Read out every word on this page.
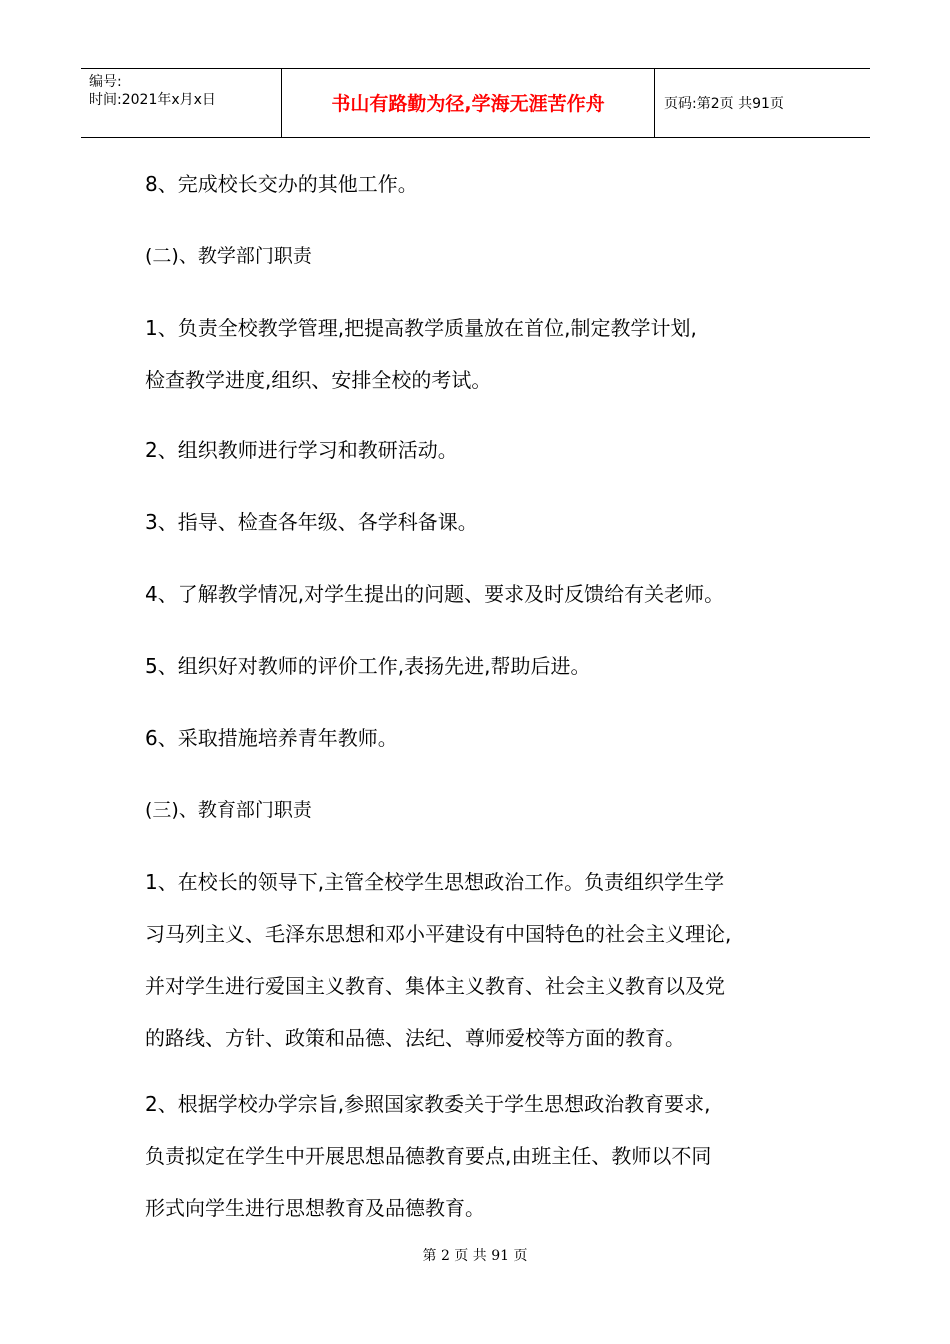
编号:
时间:2021年x月x日	书山有路勤为径,学海无涯苦作舟	页码:第2页 共91页
8、完成校长交办的其他工作。
(二)、教学部门职责
1、负责全校教学管理,把提高教学质量放在首位,制定教学计划,
检查教学进度,组织、安排全校的考试。
2、组织教师进行学习和教研活动。
3、指导、检查各年级、各学科备课。
4、了解教学情况,对学生提出的问题、要求及时反馈给有关老师。
5、组织好对教师的评价工作,表扬先进,帮助后进。
6、采取措施培养青年教师。
(三)、教育部门职责
1、在校长的领导下,主管全校学生思想政治工作。负责组织学生学
习马列主义、毛泽东思想和邓小平建设有中国特色的社会主义理论,
并对学生进行爱国主义教育、集体主义教育、社会主义教育以及党
的路线、方针、政策和品德、法纪、尊师爱校等方面的教育。
2、根据学校办学宗旨,参照国家教委关于学生思想政治教育要求,
负责拟定在学生中开展思想品德教育要点,由班主任、教师以不同
形式向学生进行思想教育及品德教育。
第 2 页 共 91 页
